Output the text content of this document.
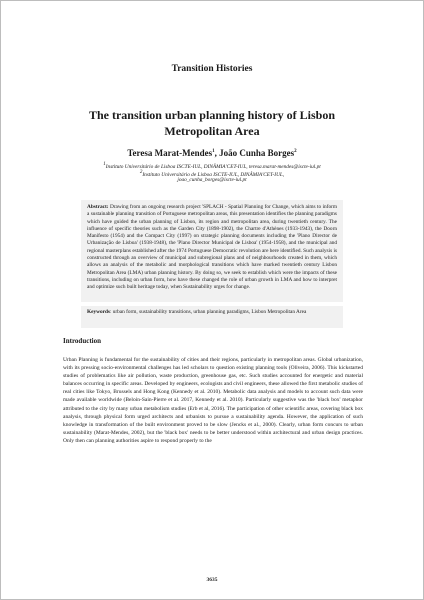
Transition Histories
The transition urban planning history of Lisbon Metropolitan Area
Teresa Marat-Mendes$^1$, João Cunha Borges$^2$
$^1$Instituto Universitário de Lisboa ISCTE-IUL, DINÂMIA'CET-IUL, teresa.marat-mendes@iscte-iul.pt
$^2$Instituto Universitário de Lisboa ISCTE-IUL, DINÂMIA'CET-IUL,
joao_cunha_borges@iscte-iul.pt
Abstract: Drawing from an ongoing research project 'SPLACH - Spatial Planning for Change, which aims to inform a sustainable planning transition of Portuguese metropolitan areas, this presentation identifies the planning paradigms which have guided the urban planning of Lisbon, its region and metropolitan area, during twentieth century. The influence of specific theories such as the Garden City (1898-1902), the Chartre d'Athènes (1933-1943), the Doorn Manifesto (1954) and the Compact City (1997) on strategic planning documents including the 'Plano Director de Urbanização de Lisboa' (1938-1948), the 'Plano Director Municipal de Lisboa' (1954-1958), and the municipal and regional masterplans established after the 1974 Portuguese Democratic revolution are here identified. Such analysis is constructed through an overview of municipal and subregional plans and of neighbourhoods created in them, which allows an analysis of the metabolic and morphological transitions which have marked twentieth century Lisbon Metropolitan Area (LMA) urban planning history. By doing so, we seek to establish which were the impacts of these transitions, including on urban form, how have these changed the role of urban growth in LMA and how to interpret and optimize such built heritage today, when Sustainability urges for change.
Keywords: urban form, sustainability transitions, urban planning paradigms, Lisbon Metropolitan Area
Introduction
Urban Planning is fundamental for the sustainability of cities and their regions, particularly in metropolitan areas. Global urbanization, with its pressing socio-environmental challenges has led scholars to question existing planning tools (Oliveira, 2006). This kickstarted studies of problematics like air pollution, waste production, greenhouse gas, etc. Such studies accounted for energetic and material balances occurring in specific areas. Developed by engineers, ecologists and civil engineers, these allowed the first metabolic studies of real cities like Tokyo, Brussels and Hong Kong (Kennedy et al. 2010). Metabolic data analysis and models to account such data were made available worldwide (Beloin-Sain-Pierre et al. 2017, Kennedy et al. 2010). Particularly suggestive was the 'black box' metaphor attributed to the city by many urban metabolism studies (Erb et al, 2016). The participation of other scientific areas, covering black box analysis, through physical form urged architects and urbanists to pursue a sustainability agenda. However, the application of such knowledge in transformation of the built environment proved to be slow (Jencks et al., 2000). Clearly, urban form concurs to urban sustainability (Marat-Mendes, 2002), but the 'black box' needs to be better understood within architectural and urban design practices. Only then can planning authorities aspire to respond properly to the
3635
